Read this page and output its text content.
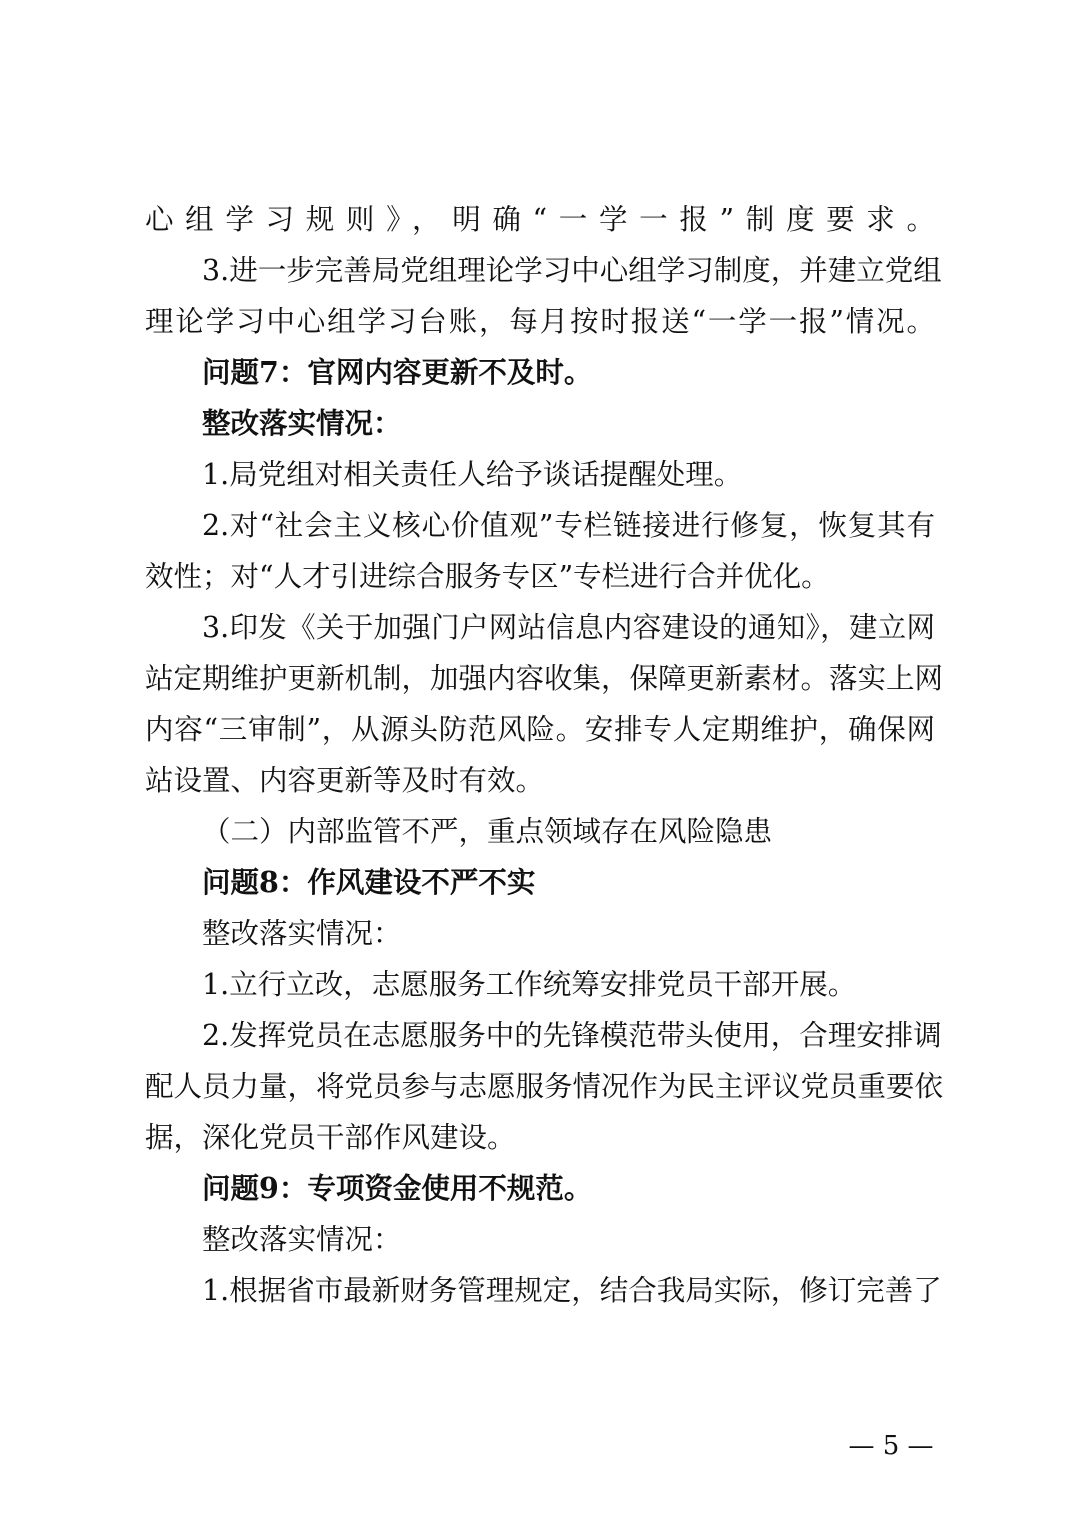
心组学习规则》，明确“一学一报”制度要求。
3.进一步完善局党组理论学习中心组学习制度，并建立党组
理论学习中心组学习台账，每月按时报送“一学一报”情况。
问题7：官网内容更新不及时。
整改落实情况：
1.局党组对相关责任人给予谈话提醒处理。
2.对“社会主义核心价值观”专栏链接进行修复，恢复其有
效性；对“人才引进综合服务专区”专栏进行合并优化。
3.印发《关于加强门户网站信息内容建设的通知》，建立网
站定期维护更新机制，加强内容收集，保障更新素材。落实上网
内容“三审制”，从源头防范风险。安排专人定期维护，确保网
站设置、内容更新等及时有效。
（二）内部监管不严，重点领域存在风险隐患
问题8：作风建设不严不实
整改落实情况：
1.立行立改，志愿服务工作统筹安排党员干部开展。
2.发挥党员在志愿服务中的先锋模范带头使用，合理安排调
配人员力量，将党员参与志愿服务情况作为民主评议党员重要依
据，深化党员干部作风建设。
问题9：专项资金使用不规范。
整改落实情况：
1.根据省市最新财务管理规定，结合我局实际，修订完善了
— 5 —
